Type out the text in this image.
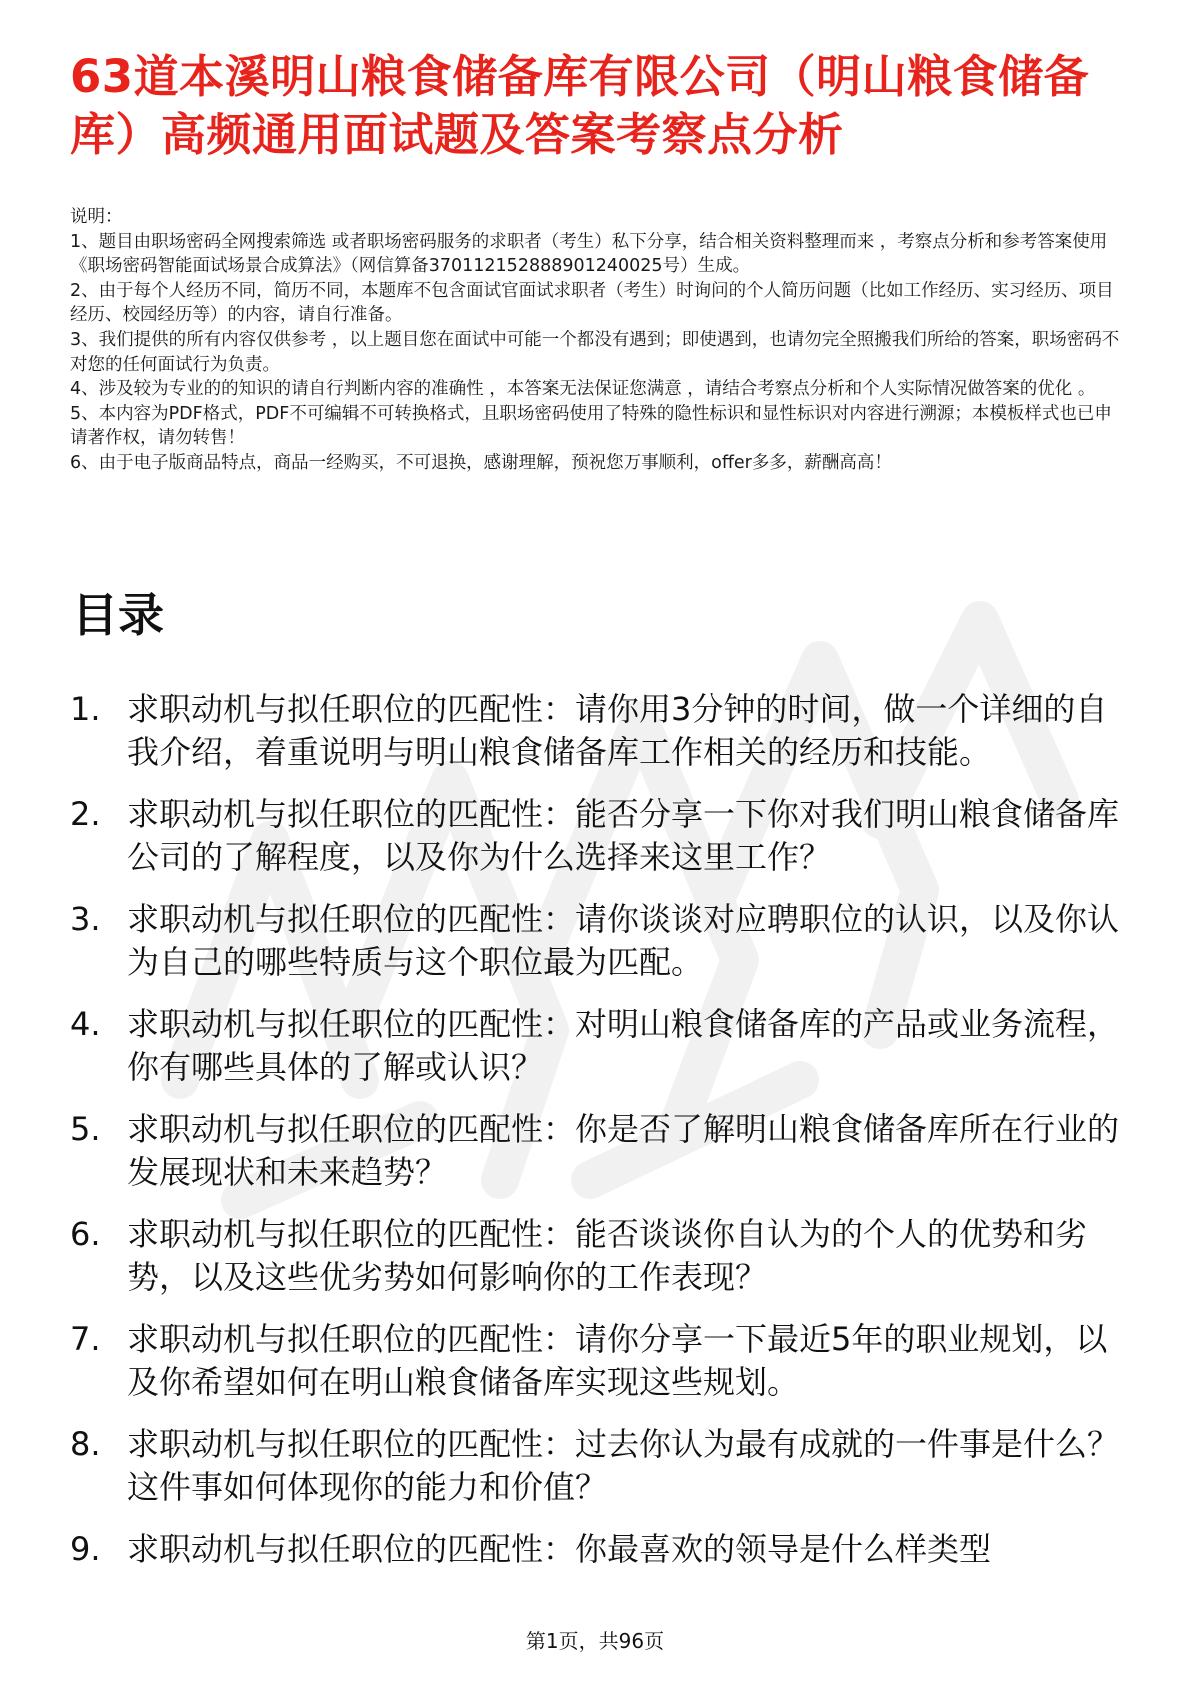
63道本溪明山粮食储备库有限公司（明山粮食储备库）高频通用面试题及答案考察点分析

说明：

1、题目由职场密码全网搜索筛选 或者职场密码服务的求职者（考生）私下分享，结合相关资料整理而来 ，考察点分析和参考答案使用《职场密码智能面试场景合成算法》（网信算备370112152888901240025号）生成。

2、由于每个人经历不同，简历不同，本题库不包含面试官面试求职者（考生）时询问的个人简历问题（比如工作经历、实习经历、项目经历、校园经历等）的内容，请自行准备。

3、我们提供的所有内容仅供参考 ，以上题目您在面试中可能一个都没有遇到；即使遇到，也请勿完全照搬我们所给的答案，职场密码不对您的任何面试行为负责。

4、涉及较为专业的的知识的请自行判断内容的准确性 ，本答案无法保证您满意 ，请结合考察点分析和个人实际情况做答案的优化 。

5、本内容为PDF格式，PDF不可编辑不可转换格式，且职场密码使用了特殊的隐性标识和显性标识对内容进行溯源；本模板样式也已申请著作权，请勿转售！

6、由于电子版商品特点，商品一经购买，不可退换，感谢理解，预祝您万事顺利，offer多多，薪酬高高！

目录
1. 求职动机与拟任职位的匹配性：请你用3分钟的时间，做一个详细的自我介绍，着重说明与明山粮食储备库工作相关的经历和技能。
2. 求职动机与拟任职位的匹配性：能否分享一下你对我们明山粮食储备库公司的了解程度，以及你为什么选择来这里工作？
3. 求职动机与拟任职位的匹配性：请你谈谈对应聘职位的认识，以及你认为自己的哪些特质与这个职位最为匹配。
4. 求职动机与拟任职位的匹配性：对明山粮食储备库的产品或业务流程，你有哪些具体的了解或认识？
5. 求职动机与拟任职位的匹配性：你是否了解明山粮食储备库所在行业的发展现状和未来趋势？
6. 求职动机与拟任职位的匹配性：能否谈谈你自认为的个人的优势和劣势，以及这些优劣势如何影响你的工作表现？
7. 求职动机与拟任职位的匹配性：请你分享一下最近5年的职业规划，以及你希望如何在明山粮食储备库实现这些规划。
8. 求职动机与拟任职位的匹配性：过去你认为最有成就的一件事是什么？这件事如何体现你的能力和价值？
9. 求职动机与拟任职位的匹配性：你最喜欢的领导是什么样类型
第1页，共96页
